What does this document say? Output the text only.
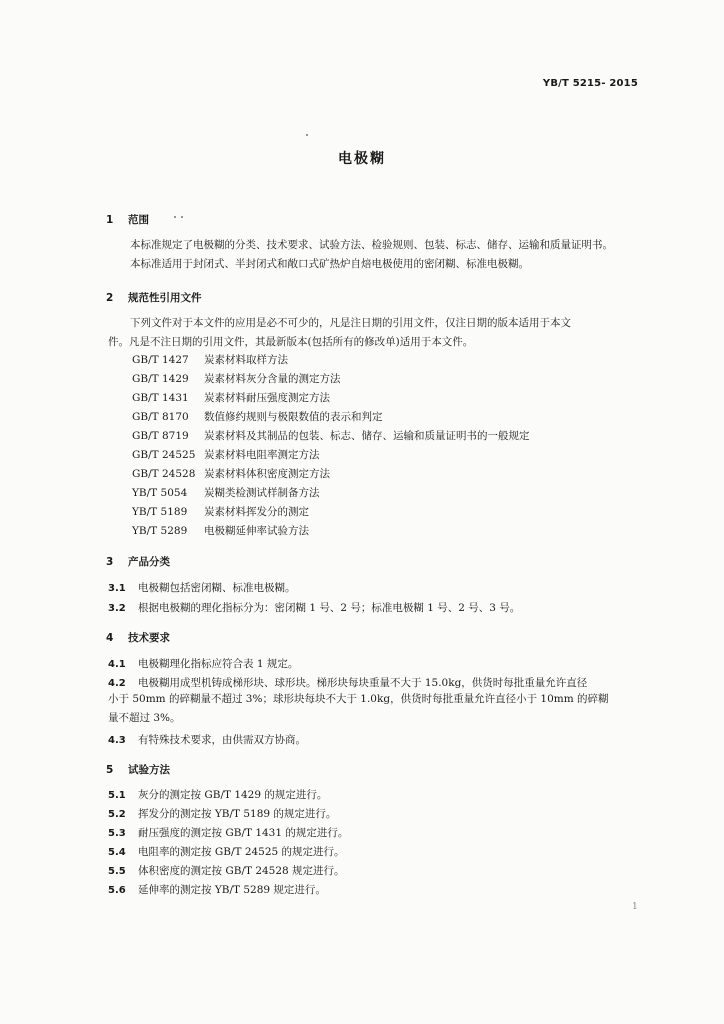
YB/T 5215- 2015
电极糊
1 范围
本标准规定了电极糊的分类、技术要求、试验方法、检验规则、包装、标志、储存、运输和质量证明书。
本标准适用于封闭式、半封闭式和敞口式矿热炉自焙电极使用的密闭糊、标准电极糊。
2 规范性引用文件
下列文件对于本文件的应用是必不可少的，凡是注日期的引用文件，仅注日期的版本适用于本文
件。凡是不注日期的引用文件，其最新版本(包括所有的修改单)适用于本文件。
GB/T 1427 炭素材料取样方法
GB/T 1429 炭素材料灰分含量的测定方法
GB/T 1431 炭素材料耐压强度测定方法
GB/T 8170 数值修约规则与极限数值的表示和判定
GB/T 8719 炭素材料及其制品的包装、标志、储存、运输和质量证明书的一般规定
GB/T 24525 炭素材料电阻率测定方法
GB/T 24528 炭素材料体积密度测定方法
YB/T 5054 炭糊类检测试样制备方法
YB/T 5189 炭素材料挥发分的测定
YB/T 5289 电极糊延伸率试验方法
3 产品分类
3.1 电极糊包括密闭糊、标准电极糊。
3.2 根据电极糊的理化指标分为：密闭糊 1 号、2 号；标准电极糊 1 号、2 号、3 号。
4 技术要求
4.1 电极糊理化指标应符合表 1 规定。
4.2 电极糊用成型机铸成梯形块、球形块。梯形块每块重量不大于 15.0kg，供货时每批重量允许直径
小于 50mm 的碎糊量不超过 3%；球形块每块不大于 1.0kg，供货时每批重量允许直径小于 10mm 的碎糊
量不超过 3%。
4.3 有特殊技术要求，由供需双方协商。
5 试验方法
5.1 灰分的测定按 GB/T 1429 的规定进行。
5.2 挥发分的测定按 YB/T 5189 的规定进行。
5.3 耐压强度的测定按 GB/T 1431 的规定进行。
5.4 电阻率的测定按 GB/T 24525 的规定进行。
5.5 体积密度的测定按 GB/T 24528 规定进行。
5.6 延伸率的测定按 YB/T 5289 规定进行。
1
